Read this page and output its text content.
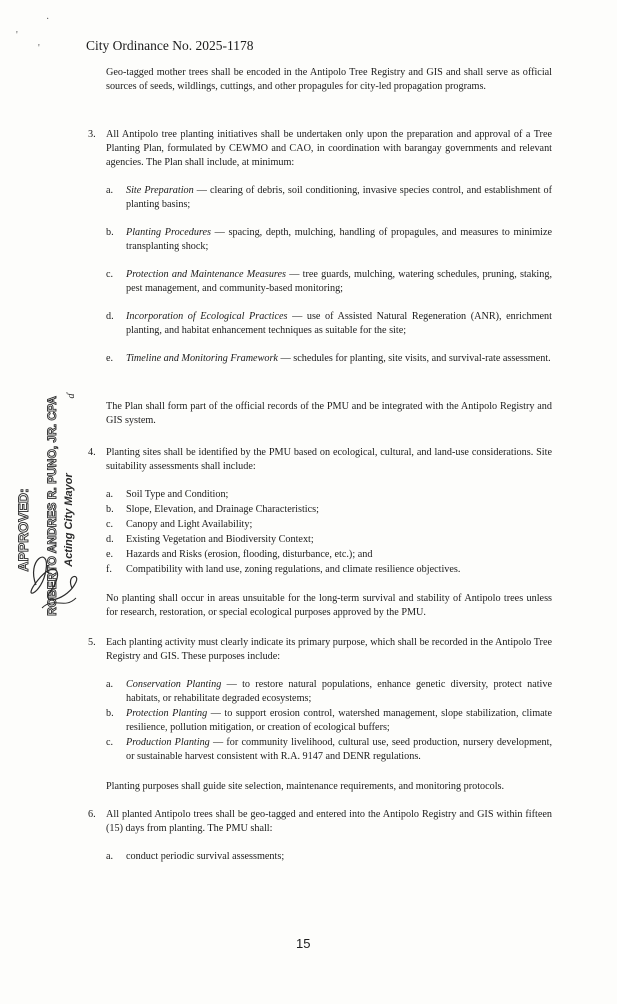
·
'
'	City Ordinance No. 2025-1178
Geo-tagged mother trees shall be encoded in the Antipolo Tree Registry and GIS and shall serve as official sources of seeds, wildlings, cuttings, and other propagules for city-led propagation programs.
3. All Antipolo tree planting initiatives shall be undertaken only upon the preparation and approval of a Tree Planting Plan, formulated by CEWMO and CAO, in coordination with barangay governments and relevant agencies. The Plan shall include, at minimum:
a. Site Preparation — clearing of debris, soil conditioning, invasive species control, and establishment of planting basins;
b. Planting Procedures — spacing, depth, mulching, handling of propagules, and measures to minimize transplanting shock;
c. Protection and Maintenance Measures — tree guards, mulching, watering schedules, pruning, staking, pest management, and community-based monitoring;
d. Incorporation of Ecological Practices — use of Assisted Natural Regeneration (ANR), enrichment planting, and habitat enhancement techniques as suitable for the site;
e. Timeline and Monitoring Framework — schedules for planting, site visits, and survival-rate assessment.
The Plan shall form part of the official records of the PMU and be integrated with the Antipolo Registry and GIS system.
4. Planting sites shall be identified by the PMU based on ecological, cultural, and land-use considerations. Site suitability assessments shall include:
a. Soil Type and Condition;
b. Slope, Elevation, and Drainage Characteristics;
c. Canopy and Light Availability;
d. Existing Vegetation and Biodiversity Context;
e. Hazards and Risks (erosion, flooding, disturbance, etc.); and
f. Compatibility with land use, zoning regulations, and climate resilience objectives.
No planting shall occur in areas unsuitable for the long-term survival and stability of Antipolo trees unless for research, restoration, or special ecological purposes approved by the PMU.
5. Each planting activity must clearly indicate its primary purpose, which shall be recorded in the Antipolo Tree Registry and GIS. These purposes include:
a. Conservation Planting — to restore natural populations, enhance genetic diversity, protect native habitats, or rehabilitate degraded ecosystems;
b. Protection Planting — to support erosion control, watershed management, slope stabilization, climate resilience, pollution mitigation, or creation of ecological buffers;
c. Production Planting — for community livelihood, cultural use, seed production, nursery development, or sustainable harvest consistent with R.A. 9147 and DENR regulations.
Planting purposes shall guide site selection, maintenance requirements, and monitoring protocols.
6. All planted Antipolo trees shall be geo-tagged and entered into the Antipolo Registry and GIS within fifteen (15) days from planting. The PMU shall:
a. conduct periodic survival assessments;
APPROVED: ROBERTO ANDRES R. PUNO, JR. CPA Acting City Mayor
ɗ
15
